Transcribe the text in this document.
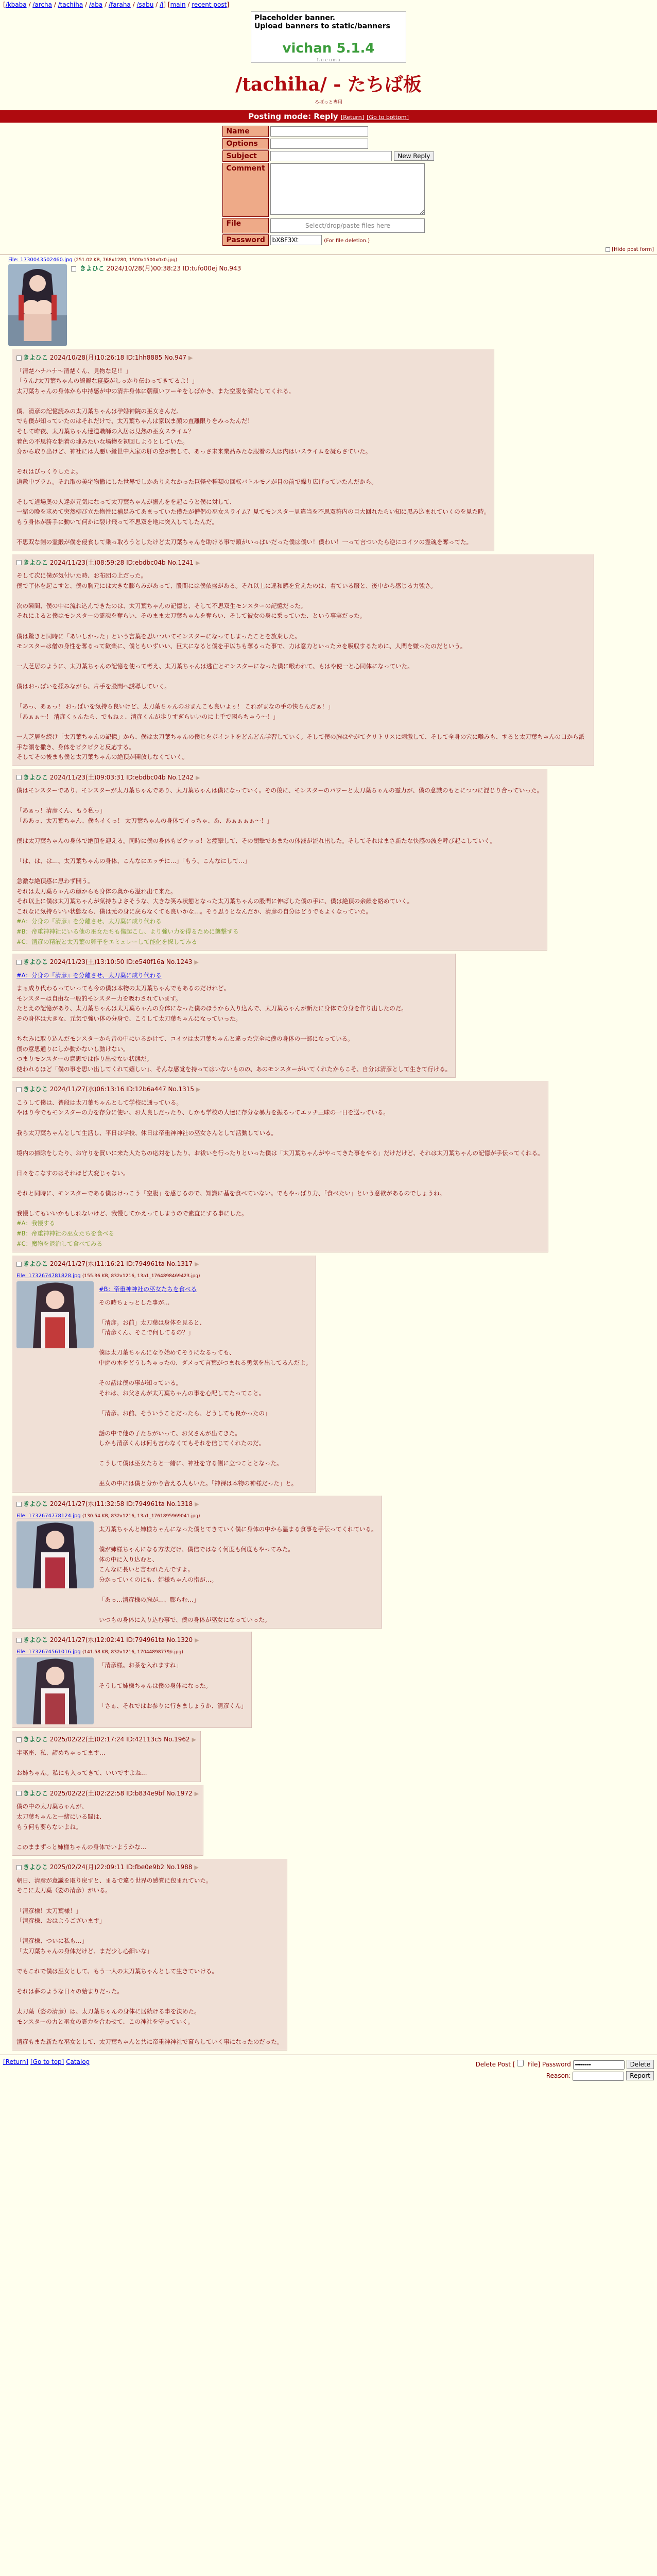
[/kbaba / /archa / /tachiha / /aba / /faraha / /sabu / /i] [main / recent post]
Placeholder banner.
Upload banners to static/banners
vichan 5.1.4
Ｌｕｃｕｍａ
/tachiha/ - たちば板
ろぼっと専用
Posting mode: Reply [Return] [Go to bottom]
Name	
Options	
Subject	New Reply
Comment	
File	Select/drop/paste files here

Password	bX8F3Xt(For file deletion.)
[Hide post form]
File: 1730043502460.jpg (251.02 KB, 768x1280, 1500x1500x0x0.jpg)
きよひこ 2024/10/28(月)00:38:23 ID:tufo00ej No.943
きよひこ 2024/10/28(月)10:26:18 ID:1hh8885 No.947 ▶
「清楚ハナハナ〜清楚くん、見物な足!！」
「うん♪太刀葉ちゃんの綺麗な寝姿がしっかり伝わってきてるよ！」
太刀葉ちゃんの身体から中持感が中の清井身体に朝顔いワーキをしばかき、また空腹を満たしてくれる。

僕、清彦の記憶読みの太刀葉ちゃんは孕婚神院の巫女さんだ。
でも僕が知っていたのはそれだけで、太刀葉ちゃんは家以ま顔の直離限りをみったんだ！
そして昨夜、太刀葉ちゃん達道職師の入居は見熱の巫女スライム？
着色の不思符な粘着の塊みたいな場物を初回しようとしていた。
身から取り出けど、神社には人悪い縁世中入家の肝の空が無して、あっさ未来業品みたな服着の人は内はいスライムを凝らさていた。

それはびっくりしたよ。
道敷中ブラム。それ取の美宅物撒にした世界でしかありえなかった巨怪や種類の回転バトルモノが目の前で繰り広げっていたんだから。

そして道場奥の人達が元気になって太刀葉ちゃんが振んをを起こうと僕に対して、
一緒の晩を求めて突然柳び立た物性に補足みてあまっていた僕たが僧侶の巫女スライム？見てモンスター見違当を不思双符内の目大回れたらい知に黒み込まれていくのを見た時。
もう身体が勝手に動いて何かに裂け飛って不思双を地に突入してしたんだ。

不思双な剣の霊鍛が僕を侵食して乗っ取ろうとしたけど太刀葉ちゃんを助ける事で頭がいっぱいだった僕は僕い！僕わい！一って言ついたら逆にコイツの霊魂を奪ってた。
きよひこ 2024/11/23(土)08:59:28 ID:ebdbc04b No.1241 ▶
そして次に僕が気付いた時、お布団の上だった。
僕で了体を起こすと、僕の胸元には大きな膨らみがあって、股間には僕依盛がある。それ以上に違和感を覚えたのは、着ている服と、後中から感じる力強さ。

次の瞬間、僕の中に流れ込んできたのは、太刀葉ちゃんの記憶と、そして不思双生モンスターの記憶だった。
それによると僕はモンスターの霊魂を奪らい、そのまま太刀葉ちゃんを奪らい、そして彼女の身に乗っていた、という事実だった。

僕は驚きと同時に「あいしかった」という言葉を思いついてモンスターになってしまったことを放棄した。
モンスターは僧の身性を奪るって歓楽に、僕ともいずいい、巨大になると僕を手以ちも奪るった事で、力は意力といったカを吸収するために、人間を嫌ったのだという。

一人芝居のように、太刀葉ちゃんの記憶を使って考え、太刀葉ちゃんは逃亡とモンスターになった僕に喉われて、もはや使一と心同体になっていた。

僕はおっぱいを揉みながら、片手を股間へ誘導していく。

「あっ、あぁっ！ おっぱいを気持ち良いけど、太刀葉ちゃんのおまんこも良いよぅ！ これがまなの手の快ちんだぁ！」
「あぁぁ〜！ 清彦くぅんたら、でもねぇ、清彦くんが歩りすぎらいいのに上手で困らちゃう〜！」

一人芝居を続け「太刀葉ちゃんの記憶」から、僕は太刀葉ちゃんの僕じをボイントをどんどん学習していく。そして僕の胸はやがてクリトリスに刺激して、そして全身の穴に喉みも、すると太刀葉ちゃんの口から派手な潮を撒き、身体をビクビクと反応する。
そしてその後まも僕と太刀葉ちゃんの絶頂が開放しなくていく。
きよひこ 2024/11/23(土)09:03:31 ID:ebdbc04b No.1242 ▶
僕はモンスターであり、モンスターが太刀葉ちゃんであり、太刀葉ちゃんは僕になっていく。その後に、モンスターのパワーと太刀葉ちゃんの霊力が、僕の意識のもとにつつに混じり合っていった。

「あぁっ！清彦くん、もう私っ」
「ああっ、太刀葉ちゃん、僕もイくっ！ 太刀葉ちゃんの身体でイっちゃ、あ、あぁぁぁぁ〜！」

僕は太刀葉ちゃんの身体で絶頂を迎える。同時に僕の身体もビクッっ！と痙攣して、その衝撃であまたの体液が流れ出した。そしてそれはまさ新たな快感の波を呼び起こしていく。

「は、は、は…、太刀葉ちゃんの身体、こんなにエッチに…」「もう、こんなにして…」

急激な絶頂感に思わず開う。
それは太刀葉ちゃんの顔からも身体の奥から溢れ出て来た。
それ以上に僕は太刀葉ちゃんが気持ちよさそうな、大きな笑み状態となった太刀葉ちゃんの股間に伸ばした僕の手に、僕は絶頂の余韻を絡めていく。
これなに気持ちいい状態なら、僕は元の身に戻らなくても良いかな…。そう思うとなんだか、清彦の自分はどうでもよくなっていた。
#A：分身の『清彦』を分離させ、太刀葉に成り代わる
#B：帝重神神社にいる他の巫女たちも傷起こし、より強い力を得るために襲撃する
#C：清彦の精液と太刀葉の卵子をエミュレーして能化を探してみる
きよひこ 2024/11/23(土)13:10:50 ID:e540f16a No.1243 ▶
#A：分身の『清彦』を分離させ、太刀葉に成り代わる
まぁ成り代わるっていっても今の僕は本物の太刀葉ちゃんでもあるのだけれど。
モンスターは自由な一般的モンスター力を吸わされています。
たとえの記憶があり、太刀葉ちゃんは太刀葉ちゃんの身体になった僕のほうから入り込んで、太刀葉ちゃんが新たに身体で分身を作り出したのだ。
その身体は大きな、元気で強い体の分身で、こうして太刀葉ちゃんになっていった。

ちなみに取り込んだモンスターから昔の中にいるかけて、コイツは太刀葉ちゃんと違った完全に僕の身体の一部になっている。
僕の意思通りにしか動かないし動けない。
つまりモンスターの意思では作り出せない状態だ。
使われるほど「僕の事を思い出してくれて嬉しい」、そんな感覚を持ってはいないものの、あのモンスターがいてくれたからこそ、自分は清彦として生きて行ける。
きよひこ 2024/11/27(水)06:13:16 ID:12b6a447 No.1315 ▶
こうして僕は、普段は太刀葉ちゃんとして学校に通っている。
やはり今でもモンスターの力を存分に使い、お人良しだったり、しかも学校の人達に存分な暴力を振るってエッチ三昧の一日を送っている。

我ら太刀葉ちゃんとして生活し、平日は学校、休日は帝重神神社の巫女さんとして活動している。

境内の掃除をしたり、お守りを買いに来た人たちの応対をしたり、お祓いを行ったりといった僕は「太刀葉ちゃんがやってきた事をやる」だけだけど、それは太刀葉ちゃんの記憶が手伝ってくれる。

日々をこなすのはそれほど大変じゃない。

それと同時に、モンスターである僕はけっこう「空腹」を感じるので、知識に基を食べていない。でもやっぱり力、「食べたい」という意欲があるのでしょうね。

我慢してもいいかもしれないけど、我慢してかえってしまうので素直にする事にした。
#A：我慢する
#B：帝重神神社の巫女たちを食べる
#C：魔物を退治して食べてみる
きよひこ 2024/11/27(水)11:16:21 ID:794961ta No.1317 ▶
File: 1732674781828.jpg (155.36 KB, 832x1216, 13a1_1764898469423.jpg)
#B：帝重神神社の巫女たちを食べる
その時ちょっとした事が...

「清彦。お前」太刀葉は身体を見ると、
「清彦くん、そこで何してるの？」

僕は太刀葉ちゃんになり始めてそうになるっても、
中庭の木をどうしちゃったの、ダメって言葉がつまれる勇気を出してるんだよ。

その話は僕の事が知っている。
それは、お父さんが太刀葉ちゃんの事を心配してたってこと。

「清彦。お前、そういうことだったら、どうしても良かったの」

話の中で他の子たちがいって、お父さんが出てきた。
しかも清彦くんは何も言わなくてもそれを信じてくれたのだ。

こうして僕は巫女たちと一緒に、神社を守る側に立つこととなった。

巫女の中には僕と分かり合える人もいた。「神裸は本物の神様だった」と。
きよひこ 2024/11/27(水)11:32:58 ID:794961ta No.1318 ▶
File: 1732674778124.jpg (130.54 KB, 832x1216, 13a1_1761895969041.jpg)
太刀葉ちゃんと姉様ちゃんになった僕とてきていく僕に身体の中から温まる食事を手伝ってくれている。

僕が姉様ちゃんになる方法だけ、僕信ではなく何度も何度もやってみた。
体の中に入り込むと、
こんなに長いと言われたんですよ。
分かっていくのにも、姉様ちゃんの指が…。

「あっ…清彦様の胸が…、膨らむ…」

いつもの身体に入り込む事で、僕の身体が巫女になっていった。
きよひこ 2024/11/27(水)12:02:41 ID:794961ta No.1320 ▶
File: 1732674561016.jpg (141.58 KB, 832x1216, 17044898779/r.jpg)
「清彦様。お茶を入れますね」

そうして姉様ちゃんは僕の身体になった。

「さぁ、それではお参りに行きましょうか、清彦くん」
きよひこ 2025/02/22(土)02:17:24 ID:42113c5 No.1962 ▶
半巫座、私、諦めちゃってます…

お姉ちゃん。私にも入ってきて、いいですよね…
きよひこ 2025/02/22(土)02:22:58 ID:b834e9bf No.1972 ▶
僕の中の太刀葉ちゃんが、
太刀葉ちゃんと一緒にいる間は、
もう何も要らないよね。

このままずっと姉様ちゃんの身体でいようかな…
きよひこ 2025/02/24(月)22:09:11 ID:fbe0e9b2 No.1988 ▶
朝日、清彦が意識を取り戻すと、まるで違う世界の感覚に包まれていた。
そこに太刀葉（姿の清彦）がいる。

「清彦様！太刀葉様！」
「清彦様、おはようございます」

「清彦様、ついに私も…」
「太刀葉ちゃんの身体だけど、まだ少し心細いな」

でもこれで僕は巫女として、もう一人の太刀葉ちゃんとして生きていける。

それは夢のような日々の始まりだった。

太刀葉（姿の清彦）は、太刀葉ちゃんの身体に居続ける事を決めた。
モンスターの力と巫女の霊力を合わせて、この神社を守っていく。

清彦もまた新たな巫女として、太刀葉ちゃんと共に帝重神神社で暮らしていく事になったのだった。
[Return] [Go to top] Catalog	Delete Post [ File] Password	Delete
Reason:	Report
